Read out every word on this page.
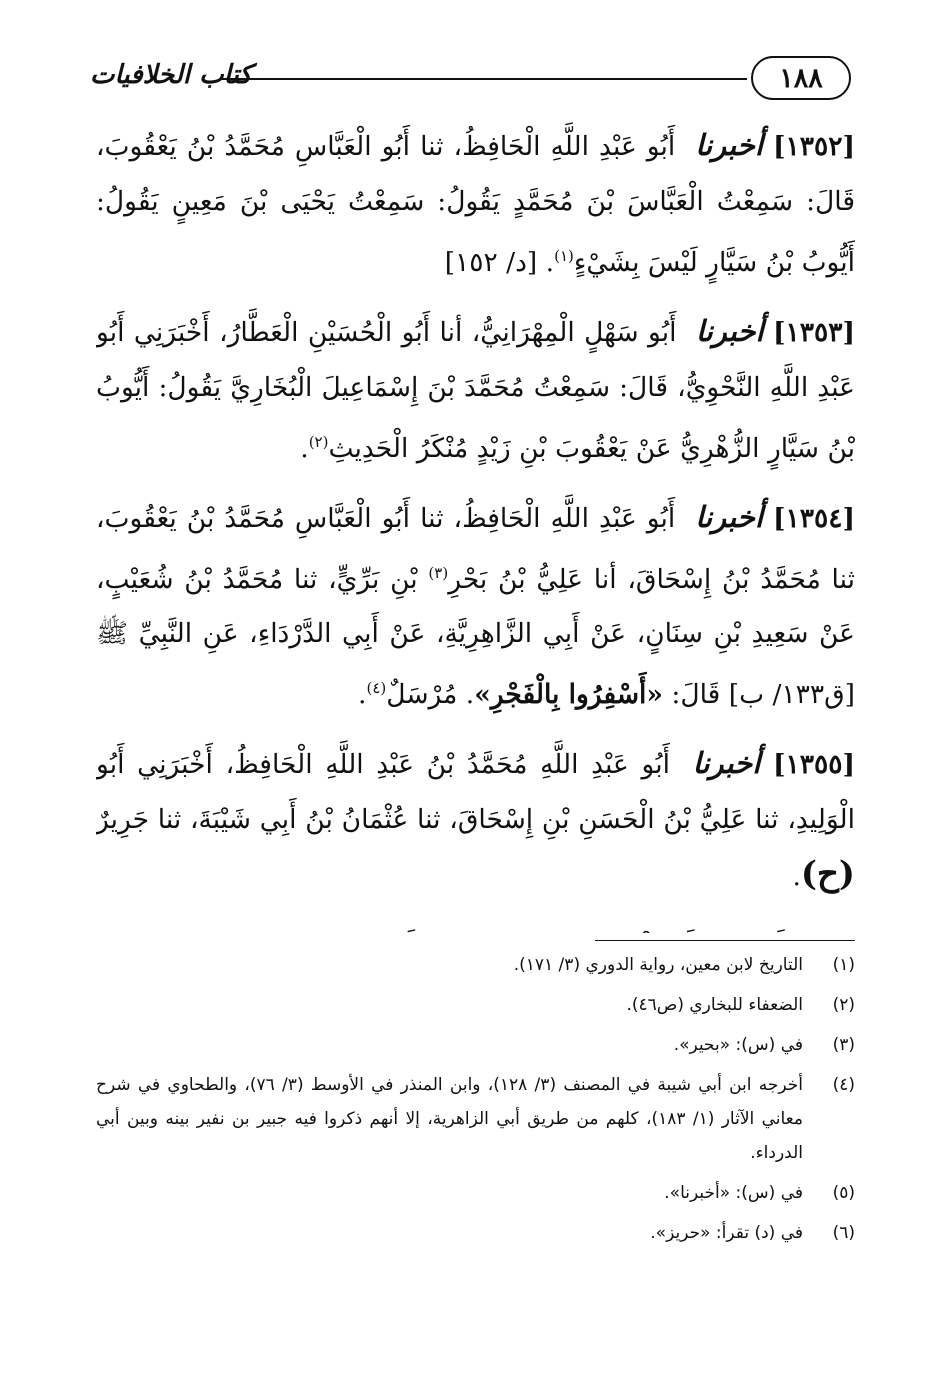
١٨٨
كتاب الخلافيات

[١٣٥٢] أخبرنا أَبُو عَبْدِ اللَّهِ الْحَافِظُ، ثنا أَبُو الْعَبَّاسِ مُحَمَّدُ بْنُ يَعْقُوبَ، قَالَ: سَمِعْتُ الْعَبَّاسَ بْنَ مُحَمَّدٍ يَقُولُ: سَمِعْتُ يَحْيَى بْنَ مَعِينٍ يَقُولُ: أَيُّوبُ بْنُ سَيَّارٍ لَيْسَ بِشَيْءٍ$^{(١)}$. [د/ ١٥٢]

[١٣٥٣] أخبرنا أَبُو سَهْلٍ الْمِهْرَانِيُّ، أنا أَبُو الْحُسَيْنِ الْعَطَّارُ، أَخْبَرَنِي أَبُو عَبْدِ اللَّهِ النَّحْوِيُّ، قَالَ: سَمِعْتُ مُحَمَّدَ بْنَ إِسْمَاعِيلَ الْبُخَارِيَّ يَقُولُ: أَيُّوبُ بْنُ سَيَّارٍ الزُّهْرِيُّ عَنْ يَعْقُوبَ بْنِ زَيْدٍ مُنْكَرُ الْحَدِيثِ$^{(٢)}$.

[١٣٥٤] أخبرنا أَبُو عَبْدِ اللَّهِ الْحَافِظُ، ثنا أَبُو الْعَبَّاسِ مُحَمَّدُ بْنُ يَعْقُوبَ، ثنا مُحَمَّدُ بْنُ إِسْحَاقَ، أنا عَلِيُّ بْنُ بَحْرِ$^{(٣)}$ بْنِ بَرِّيٍّ، ثنا مُحَمَّدُ بْنُ شُعَيْبٍ، عَنْ سَعِيدِ بْنِ سِنَانٍ، عَنْ أَبِي الزَّاهِرِيَّةِ، عَنْ أَبِي الدَّرْدَاءِ، عَنِ النَّبِيِّ ﷺ [ق١٣٣/ ب] قَالَ: «أَسْفِرُوا بِالْفَجْرِ». مُرْسَلٌ$^{(٤)}$.

[١٣٥٥] أخبرنا أَبُو عَبْدِ اللَّهِ مُحَمَّدُ بْنُ عَبْدِ اللَّهِ الْحَافِظُ، أَخْبَرَنِي أَبُو الْوَلِيدِ، ثنا عَلِيُّ بْنُ الْحَسَنِ بْنِ إِسْحَاقَ، ثنا عُثْمَانُ بْنُ أَبِي شَيْبَةَ، ثنا جَرِيرٌ (ح).

(١)
التاريخ لابن معين، رواية الدوري (٣/ ١٧١).
(٢)
الضعفاء للبخاري (ص٤٦).
(٣)
في (س): «بحير».
(٤)
أخرجه ابن أبي شيبة في المصنف (٣/ ١٢٨)، وابن المنذر في الأوسط (٣/ ٧٦)، والطحاوي في شرح معاني الآثار (١/ ١٨٣)، كلهم من طريق أبي الزاهرية، إلا أنهم ذكروا فيه جبير بن نفير بينه وبين أبي الدرداء.
(٥)
في (س): «أخبرنا».
(٦)
في (د) تقرأ: «حريز».
